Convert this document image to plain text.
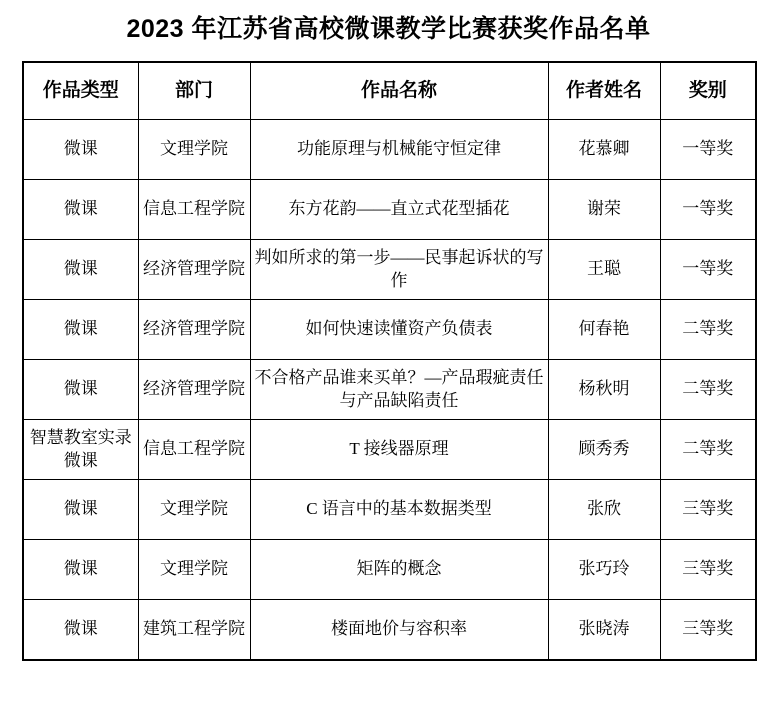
2023 年江苏省高校微课教学比赛获奖作品名单
作品类型	部门	作品名称	作者姓名	奖别

微课	文理学院	功能原理与机械能守恒定律	花慕卿	一等奖

微课	信息工程学院	东方花韵——直立式花型插花	谢荣	一等奖

微课	经济管理学院	判如所求的第一步——民事起诉状的写作	王聪	一等奖

微课	经济管理学院	如何快速读懂资产负债表	何春艳	二等奖

微课	经济管理学院	不合格产品谁来买单？—产品瑕疵责任与产品缺陷责任	杨秋明	二等奖

智慧教室实录微课	信息工程学院	T 接线器原理	顾秀秀	二等奖

微课	文理学院	C 语言中的基本数据类型	张欣	三等奖

微课	文理学院	矩阵的概念	张巧玲	三等奖

微课	建筑工程学院	楼面地价与容积率	张晓涛	三等奖
